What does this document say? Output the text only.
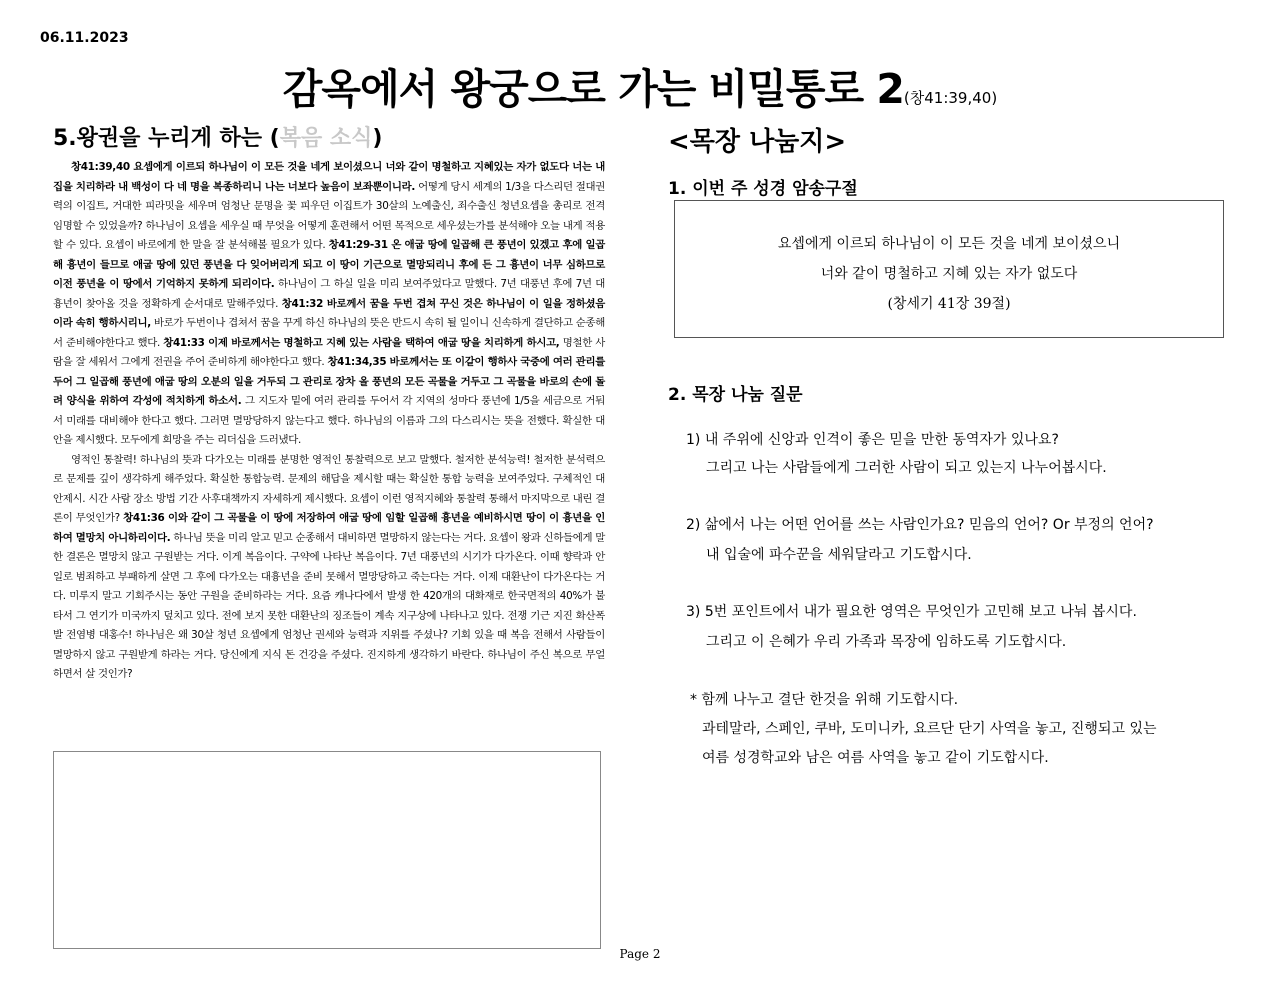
06.11.2023
감옥에서 왕궁으로 가는 비밀통로 2(창41:39,40)
5.왕권을 누리게 하는 (복음 소식)

창41:39,40 요셉에게 이르되 하나님이 이 모든 것을 네게 보이셨으니 너와 같이 명철하고 지혜있는 자가 없도다 너는 내 집을 치리하라 내 백성이 다 네 명을 복종하리니 나는 너보다 높음이 보좌뿐이니라. 어떻게 당시 세계의 1/3을 다스리던 절대권력의 이집트, 거대한 피라밋을 세우며 엄청난 문명을 꽃 피우던 이집트가 30살의 노예출신, 죄수출신 청년요셉을 총리로 전격 임명할 수 있었을까? 하나님이 요셉을 세우실 때 무엇을 어떻게 훈련해서 어떤 목적으로 세우셨는가를 분석해야 오늘 내게 적용할 수 있다. 요셉이 바로에게 한 말을 잘 분석해볼 필요가 있다. 창41:29-31 온 애굽 땅에 일곱해 큰 풍년이 있겠고 후에 일곱해 흉년이 들므로 애굽 땅에 있던 풍년을 다 잊어버리게 되고 이 땅이 기근으로 멸망되리니 후에 든 그 흉년이 너무 심하므로 이전 풍년을 이 땅에서 기억하지 못하게 되리이다. 하나님이 그 하실 일을 미리 보여주었다고 말했다. 7년 대풍년 후에 7년 대흉년이 찾아올 것을 정확하게 순서대로 말해주었다. 창41:32 바로께서 꿈을 두번 겹쳐 꾸신 것은 하나님이 이 일을 정하셨음이라 속히 행하시리니, 바로가 두번이나 겹쳐서 꿈을 꾸게 하신 하나님의 뜻은 반드시 속히 될 일이니 신속하게 결단하고 순종해서 준비해야한다고 했다. 창41:33 이제 바로께서는 명철하고 지혜 있는 사람을 택하여 애굽 땅을 치리하게 하시고, 명철한 사람을 잘 세워서 그에게 전권을 주어 준비하게 해야한다고 했다. 창41:34,35 바로께서는 또 이같이 행하사 국중에 여러 관리를 두어 그 일곱해 풍년에 애굽 땅의 오분의 일을 거두되 그 관리로 장차 올 풍년의 모든 곡물을 거두고 그 곡물을 바로의 손에 돌려 양식을 위하여 각성에 적치하게 하소서. 그 지도자 밑에 여러 관리를 두어서 각 지역의 성마다 풍년에 1/5을 세금으로 거둬서 미래를 대비해야 한다고 했다. 그러면 멸망당하지 않는다고 했다. 하나님의 이름과 그의 다스리시는 뜻을 전했다. 확실한 대안을 제시했다. 모두에게 희망을 주는 리더십을 드러냈다.

영적인 통찰력! 하나님의 뜻과 다가오는 미래를 분명한 영적인 통찰력으로 보고 말했다. 철저한 분석능력! 철저한 분석력으로 문제를 깊이 생각하게 해주었다. 확실한 통합능력. 문제의 해답을 제시할 때는 확실한 통합 능력을 보여주었다. 구체적인 대안제시. 시간 사람 장소 방법 기간 사후대책까지 자세하게 제시했다. 요셉이 이런 영적지혜와 통찰력 통해서 마지막으로 내린 결론이 무엇인가? 창41:36 이와 같이 그 곡물을 이 땅에 저장하여 애굽 땅에 임할 일곱해 흉년을 예비하시면 땅이 이 흉년을 인하여 멸망치 아니하리이다. 하나님 뜻을 미리 알고 믿고 순종해서 대비하면 멸망하지 않는다는 거다. 요셉이 왕과 신하들에게 말한 결론은 멸망치 않고 구원받는 거다. 이게 복음이다. 구약에 나타난 복음이다. 7년 대풍년의 시기가 다가온다. 이때 향락과 안일로 범죄하고 부패하게 살면 그 후에 다가오는 대흉년을 준비 못해서 멸망당하고 죽는다는 거다. 이제 대환난이 다가온다는 거다. 미루지 말고 기회주시는 동안 구원을 준비하라는 거다. 요즘 캐나다에서 발생 한 420개의 대화재로 한국면적의 40%가 불타서 그 연기가 미국까지 덮치고 있다. 전에 보지 못한 대환난의 징조들이 계속 지구상에 나타나고 있다. 전쟁 기근 지진 화산폭발 전염병 대홍수! 하나님은 왜 30살 청년 요셉에게 엄청난 권세와 능력과 지위를 주셨나? 기회 있을 때 복음 전해서 사람들이 멸망하지 않고 구원받게 하라는 거다. 당신에게 지식 돈 건강을 주셨다. 진지하게 생각하기 바란다. 하나님이 주신 복으로 무얼 하면서 살 것인가?

<목장 나눔지>
1. 이번 주 성경 암송구절
요셉에게 이르되 하나님이 이 모든 것을 네게 보이셨으니
너와 같이 명철하고 지혜 있는 자가 없도다
(창세기 41장 39절)
2. 목장 나눔 질문
1) 내 주위에 신앙과 인격이 좋은 믿을 만한 동역자가 있나요?
그리고 나는 사람들에게 그러한 사람이 되고 있는지 나누어봅시다.
2) 삶에서 나는 어떤 언어를 쓰는 사람인가요? 믿음의 언어? Or 부정의 언어?
내 입술에 파수꾼을 세워달라고 기도합시다.
3) 5번 포인트에서 내가 필요한 영역은 무엇인가 고민해 보고 나눠 봅시다.
그리고 이 은혜가 우리 가족과 목장에 임하도록 기도합시다.
* 함께 나누고 결단 한것을 위해 기도합시다.
과테말라, 스페인, 쿠바, 도미니카, 요르단 단기 사역을 놓고, 진행되고 있는
여름 성경학교와 남은 여름 사역을 놓고 같이 기도합시다.
Page 2
